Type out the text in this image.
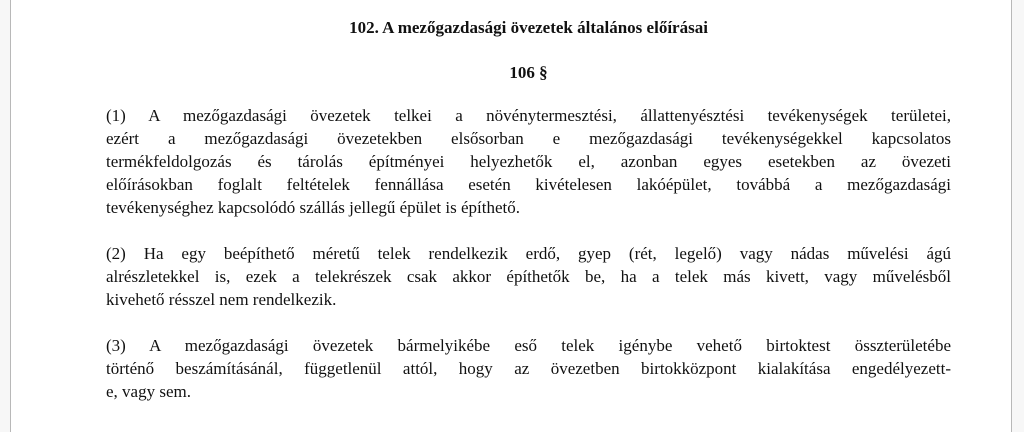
102. A mezőgazdasági övezetek általános előírásai
106 §
(1) A mezőgazdasági övezetek telkei a növénytermesztési, állattenyésztési tevékenységek területei,
ezért a mezőgazdasági övezetekben elsősorban e mezőgazdasági tevékenységekkel kapcsolatos
termékfeldolgozás és tárolás építményei helyezhetők el, azonban egyes esetekben az övezeti
előírásokban foglalt feltételek fennállása esetén kivételesen lakóépület, továbbá a mezőgazdasági
tevékenységhez kapcsolódó szállás jellegű épület is építhető.
(2) Ha egy beépíthető méretű telek rendelkezik erdő, gyep (rét, legelő) vagy nádas művelési ágú
alrészletekkel is, ezek a telekrészek csak akkor építhetők be, ha a telek más kivett, vagy művelésből
kivehető résszel nem rendelkezik.
(3) A mezőgazdasági övezetek bármelyikébe eső telek igénybe vehető birtoktest összterületébe
történő beszámításánál, függetlenül attól, hogy az övezetben birtokközpont kialakítása engedélyezett-
e, vagy sem.
